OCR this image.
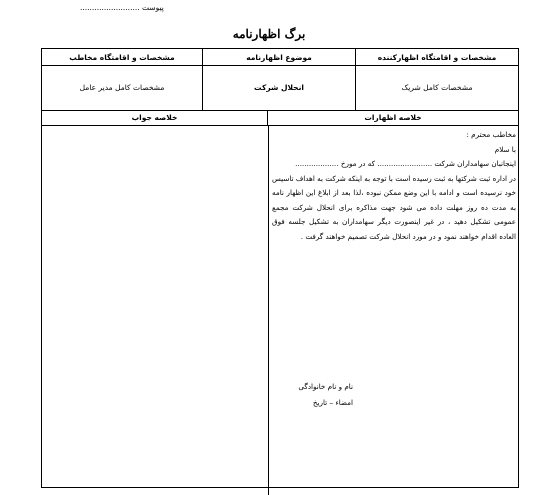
پیوست .........................
برگ اظهارنامه
مشخصات و اقامتگاه مخاطب	موضوع اظهارنامه	مشخصات و اقامتگاه اظهارکننده
مشخصات کامل مدیر عامل	انحلال شرکت	مشخصات کامل شریک
خلاصه جواب	خلاصه اظهارات

مخاطب محترم :

با سلام

اینجانبان سهامداران شرکت ........................ که در مورخ ...................

در اداره ثبت شرکتها به ثبت رسیده است با توجه به اینکه شرکت به اهداف تاسیس خود نرسیده است و ادامه با این وضع ممکن نبوده ،لذا بعد از ابلاغ این اظهار نامه به مدت ده روز مهلت داده می شود جهت مذاکره برای انحلال شرکت مجمع عمومی تشکیل دهید ، در غیر اینصورت دیگر سهامداران به تشکیل جلسه فوق العاده اقدام خواهند نمود و در مورد انحلال شرکت تصمیم خواهند گرفت .

نام و نام خانوادگی
امضاء – تاریخ
